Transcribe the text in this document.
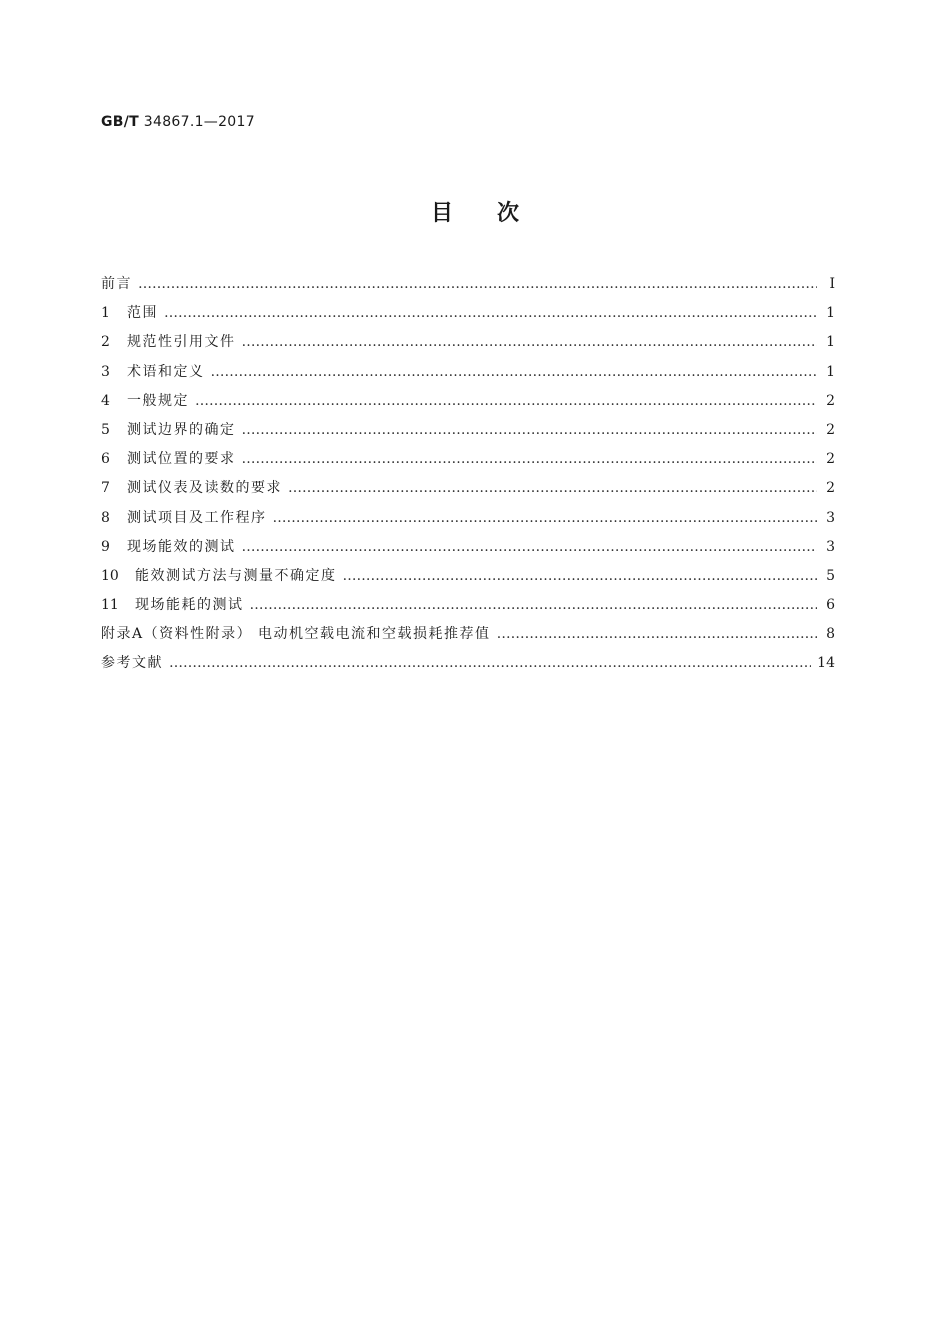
GB/T 34867.1—2017
目次
前言 ……………………………………………………………………………………………………………………………………………………………………	Ⅰ
1 范围 ……………………………………………………………………………………………………………………………………………………………………	1
2 规范性引用文件 ……………………………………………………………………………………………………………………………………………………………………	1
3 术语和定义 ……………………………………………………………………………………………………………………………………………………………………	1
4 一般规定 ……………………………………………………………………………………………………………………………………………………………………	2
5 测试边界的确定 ……………………………………………………………………………………………………………………………………………………………………	2
6 测试位置的要求 ……………………………………………………………………………………………………………………………………………………………………	2
7 测试仪表及读数的要求 ……………………………………………………………………………………………………………………………………………………………………	2
8 测试项目及工作程序 ……………………………………………………………………………………………………………………………………………………………………	3
9 现场能效的测试 ……………………………………………………………………………………………………………………………………………………………………	3
10 能效测试方法与测量不确定度 ……………………………………………………………………………………………………………………………………………………………………	5
11 现场能耗的测试 ……………………………………………………………………………………………………………………………………………………………………	6
附录A（资料性附录） 电动机空载电流和空载损耗推荐值 ……………………………………………………………………………………………………………………………………………………………………	8
参考文献 ……………………………………………………………………………………………………………………………………………………………………	14
